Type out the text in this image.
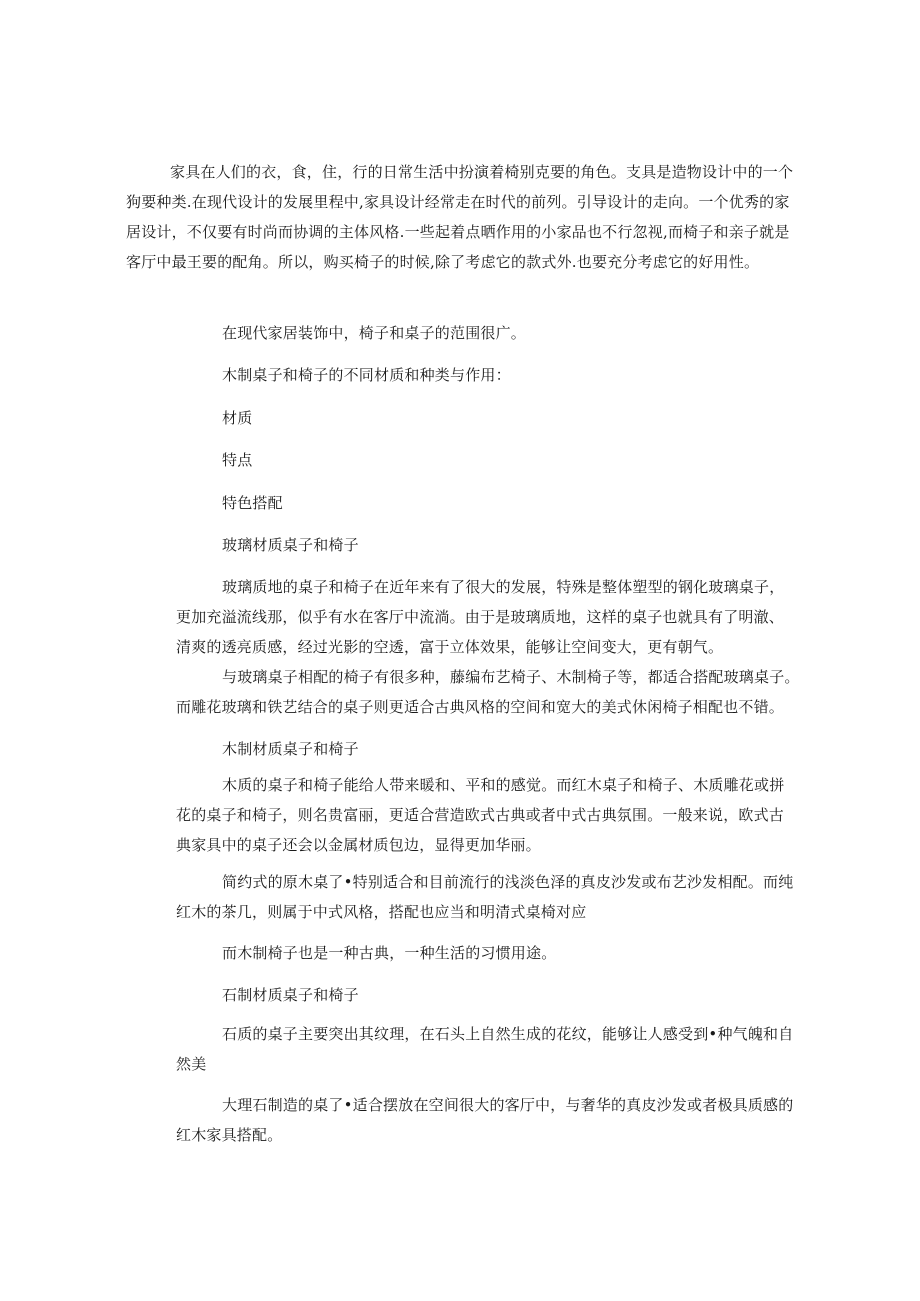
家具在人们的衣，食，住，行的日常生活中扮演着椅别克要的角色。支具是造物设计中的一个狗要种类.在现代设计的发展里程中,家具设计经常走在时代的前列。引导设计的走向。一个优秀的家居设计，不仅要有时尚而协调的主体风格.一些起着点晒作用的小家品也不行忽视,而椅子和亲子就是客厅中最王要的配角。所以，购买椅子的时候,除了考虑它的款式外.也要充分考虑它的好用性。

在现代家居装饰中，椅子和桌子的范围很广。

木制桌子和椅子的不同材质和种类与作用：

材质

特点

特色搭配

玻璃材质桌子和椅子

玻璃质地的桌子和椅子在近年来有了很大的发展，特殊是整体塑型的钢化玻璃桌子，更加充溢流线那，似乎有水在客厅中流淌。由于是玻璃质地，这样的桌子也就具有了明澈、清爽的透亮质感，经过光影的空透，富于立体效果，能够让空间变大，更有朝气。

与玻璃桌子相配的椅子有很多种，藤编布艺椅子、木制椅子等，都适合搭配玻璃桌子。而雕花玻璃和铁艺结合的桌子则更适合古典风格的空间和宽大的美式休闲椅子相配也不错。

木制材质桌子和椅子

木质的桌子和椅子能给人带来暖和、平和的感觉。而红木桌子和椅子、木质雕花或拼花的桌子和椅子，则名贵富丽，更适合营造欧式古典或者中式古典氛围。一般来说，欧式古典家具中的桌子还会以金属材质包边，显得更加华丽。

简约式的原木桌了•特别适合和目前流行的浅淡色泽的真皮沙发或布艺沙发相配。而纯红木的茶几，则属于中式风格，搭配也应当和明清式桌椅对应

而木制椅子也是一种古典，一种生活的习惯用途。

石制材质桌子和椅子

石质的桌子主要突出其纹理，在石头上自然生成的花纹，能够让人感受到•种气魄和自然美

大理石制造的桌了•适合摆放在空间很大的客厅中，与奢华的真皮沙发或者极具质感的红木家具搭配。
